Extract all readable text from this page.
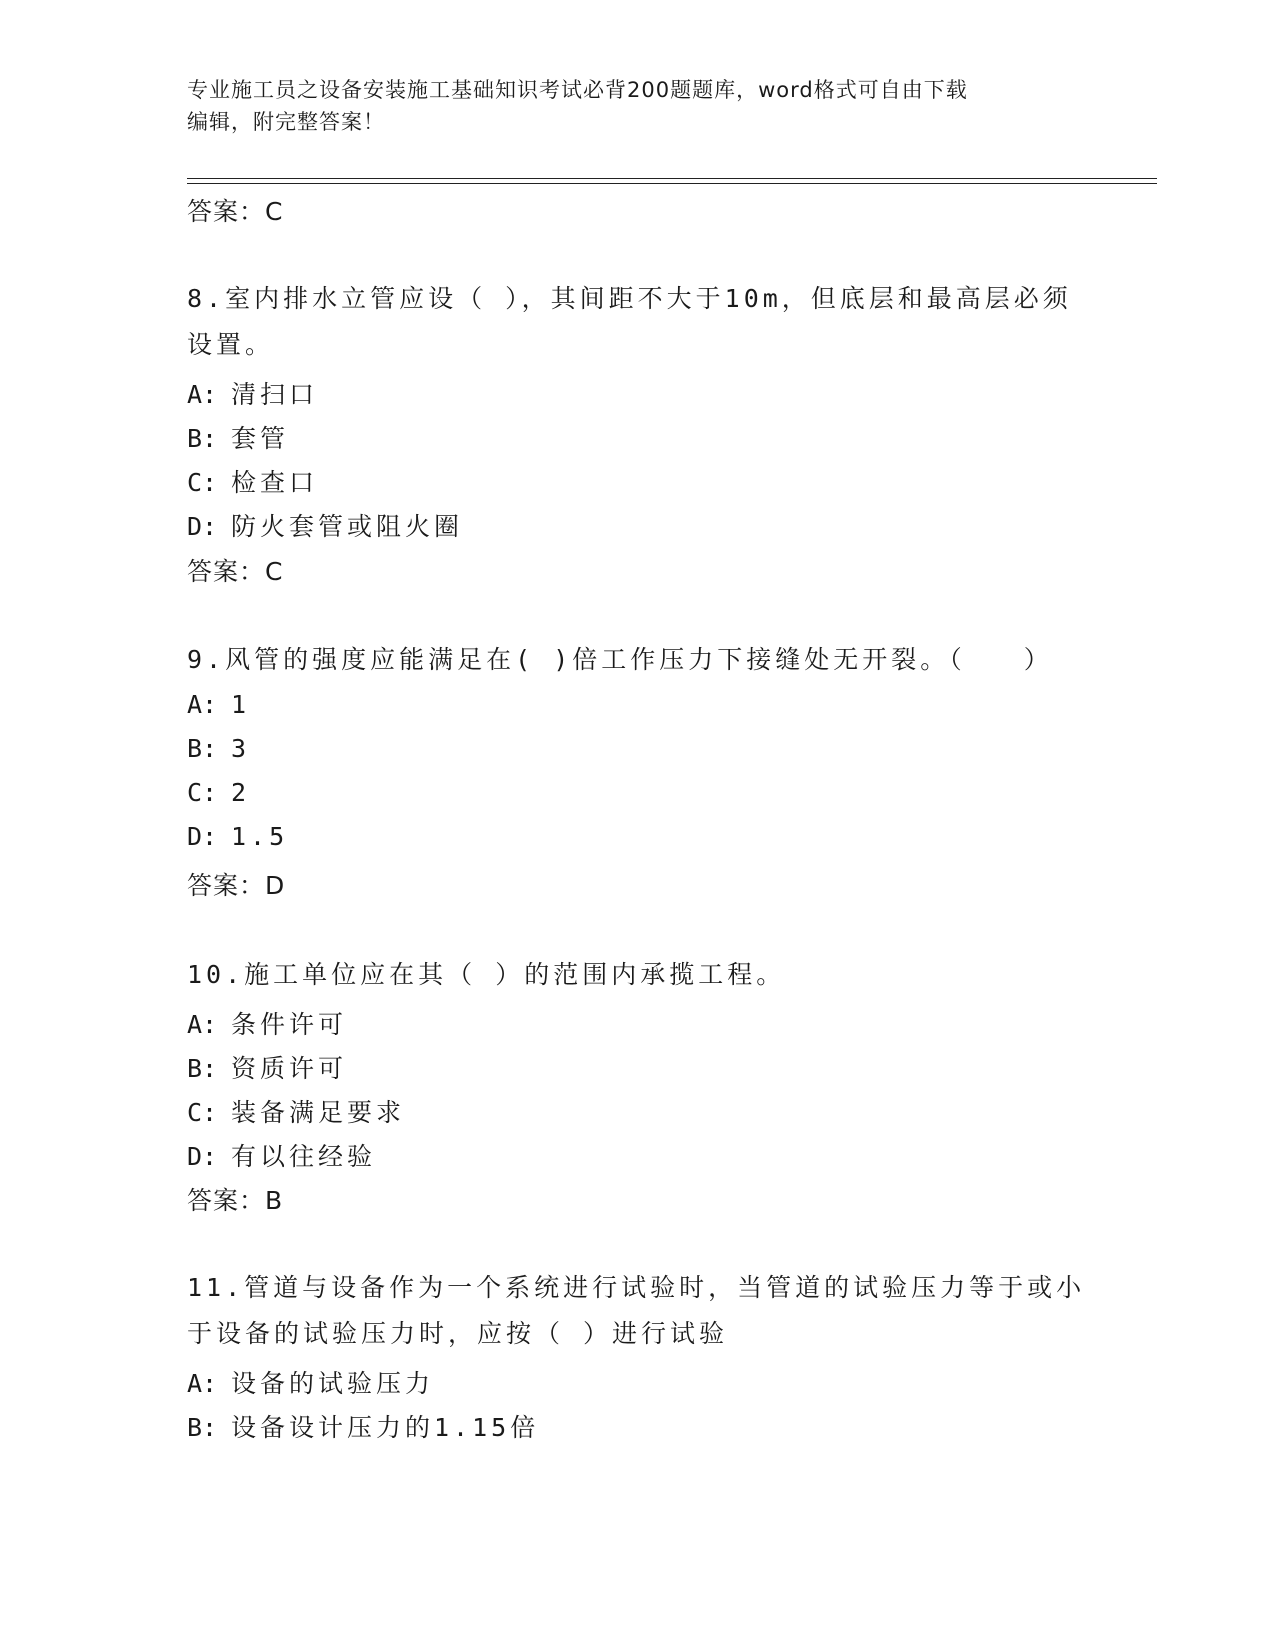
专业施工员之设备安装施工基础知识考试必背200题题库，word格式可自由下载
编辑，附完整答案！
答案：C
8.室内排水立管应设（ ），其间距不大于10m，但底层和最高层必须
设置。
A: 清扫口
B: 套管
C: 检查口
D: 防火套管或阻火圈
答案：C
9.风管的强度应能满足在( )倍工作压力下接缝处无开裂。（　　）
A: 1
B: 3
C: 2
D: 1.5
答案：D
10.施工单位应在其（ ）的范围内承揽工程。
A: 条件许可
B: 资质许可
C: 装备满足要求
D: 有以往经验
答案：B
11.管道与设备作为一个系统进行试验时，当管道的试验压力等于或小
于设备的试验压力时，应按（ ）进行试验
A: 设备的试验压力
B: 设备设计压力的1.15倍
